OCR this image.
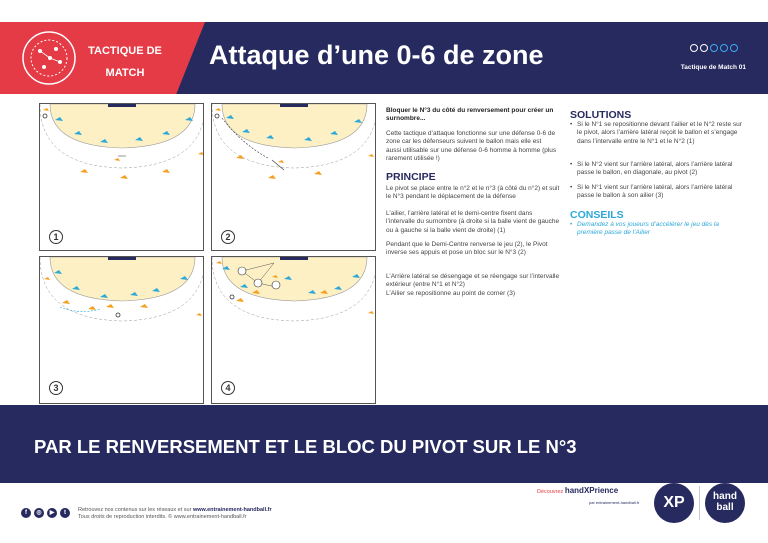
TACTIQUE DE
MATCH
Attaque d’une 0-6 de zone	Tactique de Match 01
1	2
3	4
Bloquer le N°3 du côté du renversement pour créer un surnombre...
Cette tactique d’attaque fonctionne sur une défense 0-6 de zone car les défenseurs suivent le ballon mais elle est aussi utilisable sur une défense 0-6 homme à homme (plus rarement utilisée !)
PRINCIPE
Le pivot se place entre le n°2 et le n°3 (à côté du n°2) et suit le N°3 pendant le déplacement de la défense
L’ailier, l’arrière latéral et le demi-centre fixent dans l’intervalle du surnombre (à droite si la balle vient de gauche ou à gauche si la balle vient de droite) (1)
Pendant que le Demi-Centre renverse le jeu (2), le Pivot inverse ses appuis et pose un bloc sur le N°3 (2)
L’Arrière latéral se désengage et se réengage sur l’intervalle extérieur (entre N°1 et N°2)
L’Ailier se repositionne au point de corner (3)
SOLUTIONS
• Si le N°1 se repositionne devant l’ailier et le N°2 reste sur le pivot, alors l’arrière latéral reçoit le ballon et s’engage dans l’intervalle entre le N°1 et le N°2 (1)
• Si le N°2 vient sur l’arrière latéral, alors l’arrière latéral passe le ballon, en diagonale, au pivot (2)
• Si le N°1 vient sur l’arrière latéral, alors l’arrière latéral passe le ballon à son ailier (3)
CONSEILS
• Demandez à vos joueurs d’accélérer le jeu dès la première passe de l’Ailier
PAR LE RENVERSEMENT ET LE BLOC DU PIVOT SUR LE N°3
f	◎	▶	t	Retrouvez nos contenus sur les réseaux et sur www.entrainement-handball.fr
Tous droits de reproduction interdits. © www.entrainement-handball.fr
Découvrez handXPrience
par entrainement-handball.fr
hand
XP	hand
ball
